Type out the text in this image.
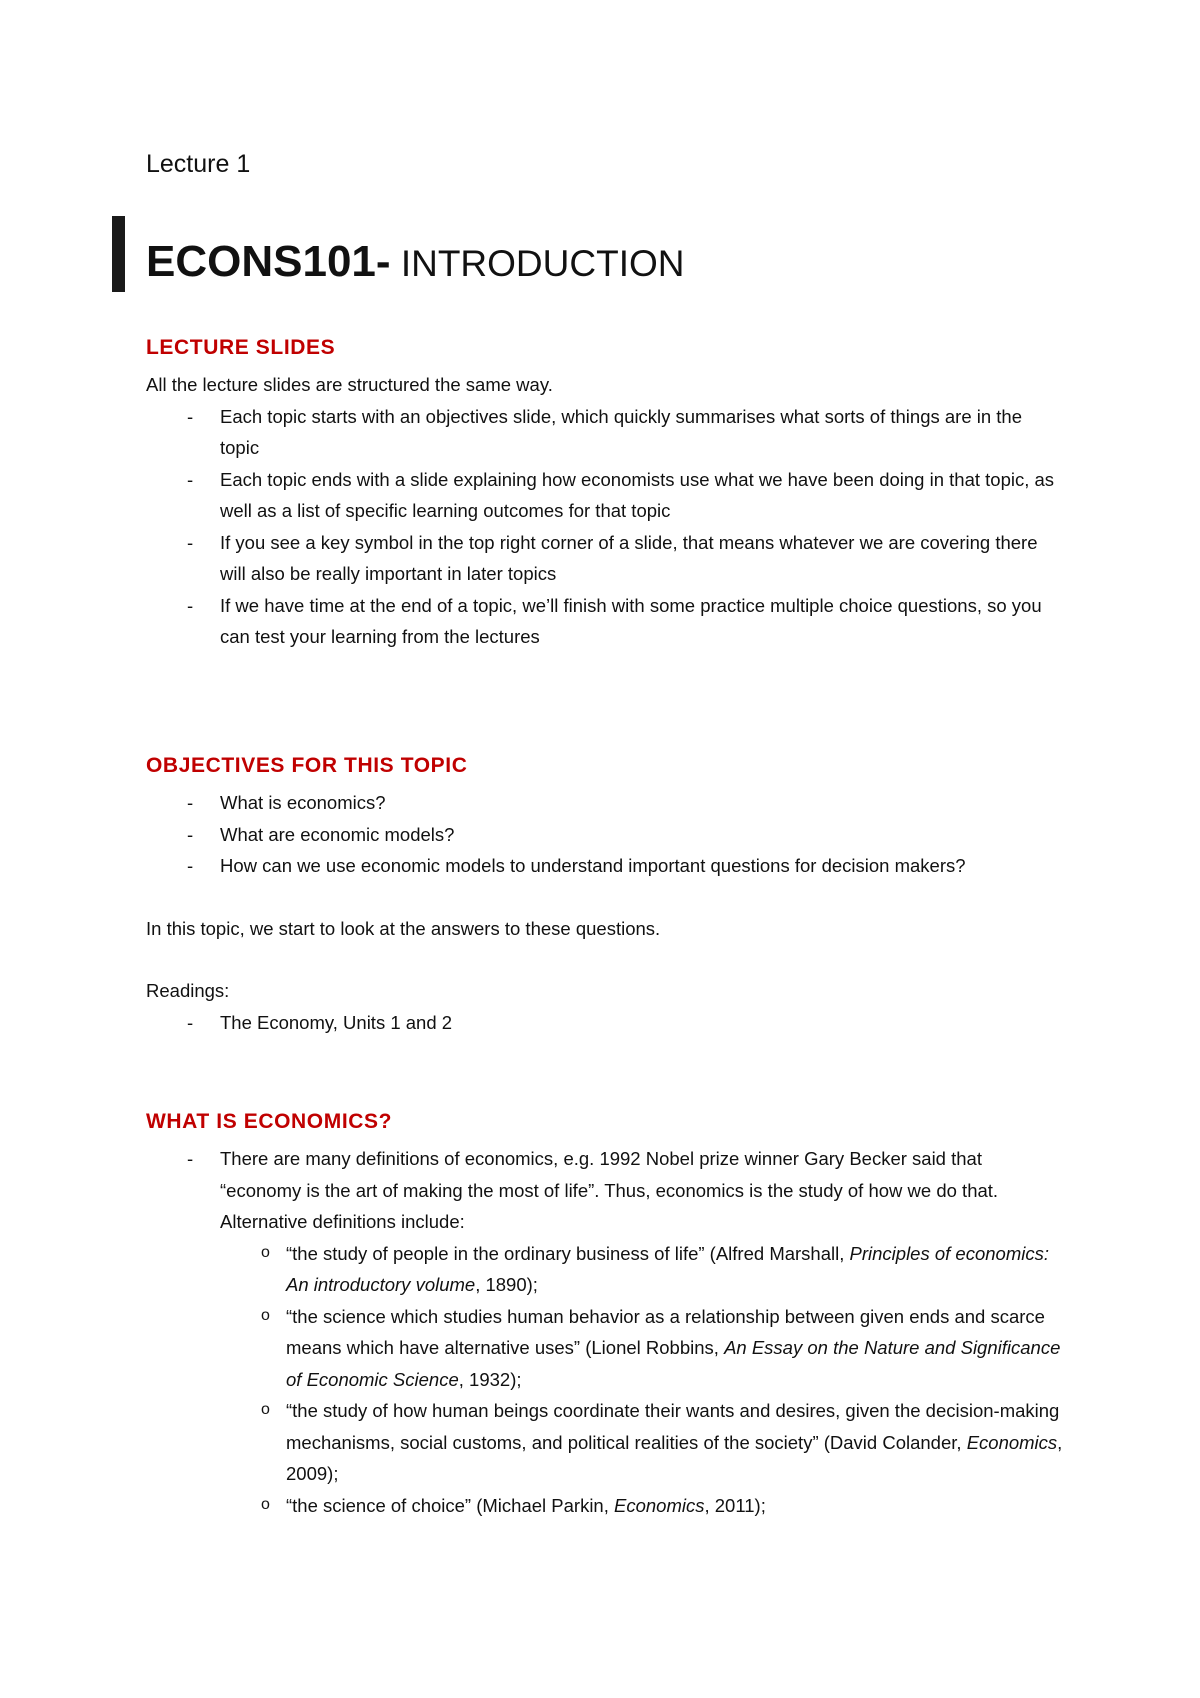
Lecture 1
ECONS101- INTRODUCTION
LECTURE SLIDES

All the lecture slides are structured the same way.

- Each topic starts with an objectives slide, which quickly summarises what sorts of things are in the topic
- Each topic ends with a slide explaining how economists use what we have been doing in that topic, as well as a list of specific learning outcomes for that topic
- If you see a key symbol in the top right corner of a slide, that means whatever we are covering there will also be really important in later topics
- If we have time at the end of a topic, we’ll finish with some practice multiple choice questions, so you can test your learning from the lectures
OBJECTIVES FOR THIS TOPIC
- What is economics?
- What are economic models?
- How can we use economic models to understand important questions for decision makers?

In this topic, we start to look at the answers to these questions.

Readings:

- The Economy, Units 1 and 2
WHAT IS ECONOMICS?
- There are many definitions of economics, e.g. 1992 Nobel prize winner Gary Becker said that “economy is the art of making the most of life”. Thus, economics is the study of how we do that. Alternative definitions include:
o “the study of people in the ordinary business of life” (Alfred Marshall, Principles of economics: An introductory volume, 1890);
o “the science which studies human behavior as a relationship between given ends and scarce means which have alternative uses” (Lionel Robbins, An Essay on the Nature and Significance of Economic Science, 1932);
o “the study of how human beings coordinate their wants and desires, given the decision-making mechanisms, social customs, and political realities of the society” (David Colander, Economics, 2009);
o “the science of choice” (Michael Parkin, Economics, 2011);
